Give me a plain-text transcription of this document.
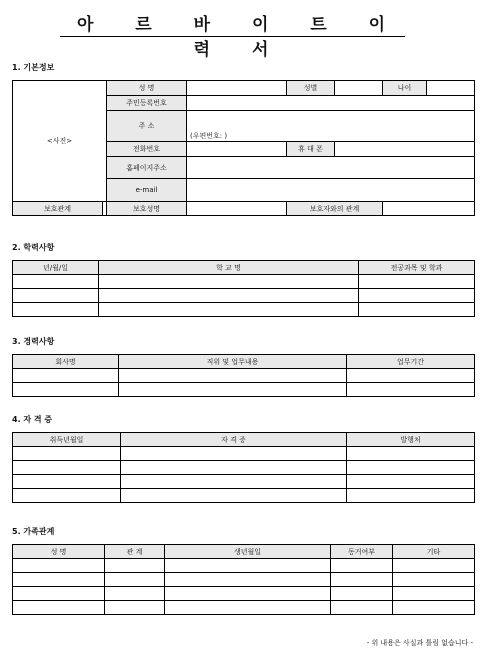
아 르 바 이 트 이 력 서
1. 기본정보
<사진>		성 명		성별		나이	
		주민등록번호					
		주 소	(우편번호: )				
		전화번호		휴 대 폰			
		홈페이지주소					
		e-mail					
보호관계		보호성명		보호자와의 관계			
2. 학력사항
년/월/일	학 교 명	전공과목 및 학과

3. 경력사항
회사명	직위 및 업무내용	업무기간

4. 자 격 증
취득년월일	자 격 증	발행처

5. 가족관계
성 명	관 계	생년월일	동거여부	기타

- 위 내용은 사실과 틀림 없습니다 -
